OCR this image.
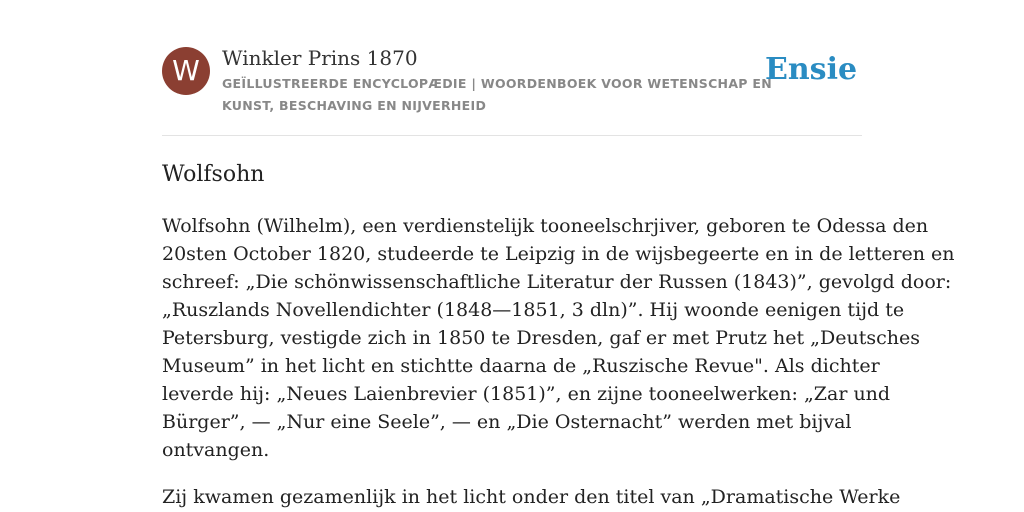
W	Winkler Prins 1870
GEÏLLUSTREERDE ENCYCLOPÆDIE | WOORDENBOEK VOOR WETENSCHAP EN
KUNST, BESCHAVING EN NIJVERHEID
Ensie
Wolfsohn

Wolfsohn (Wilhelm), een verdienstelijk tooneelschrjiver, geboren te Odessa den
20sten October 1820, studeerde te Leipzig in de wijsbegeerte en in de letteren en
schreef: „Die schönwissenschaftliche Literatur der Russen (1843)”, gevolgd door:
„Ruszlands Novellendichter (1848—1851, 3 dln)”. Hij woonde eenigen tijd te
Petersburg, vestigde zich in 1850 te Dresden, gaf er met Prutz het „Deutsches
Museum” in het licht en stichtte daarna de „Ruszische Revue". Als dichter
leverde hij: „Neues Laienbrevier (1851)”, en zijne tooneelwerken: „Zar und
Bürger”, — „Nur eine Seele”, — en „Die Osternacht” werden met bijval
ontvangen.

Zij kwamen gezamenlijk in het licht onder den titel van „Dramatische Werke
